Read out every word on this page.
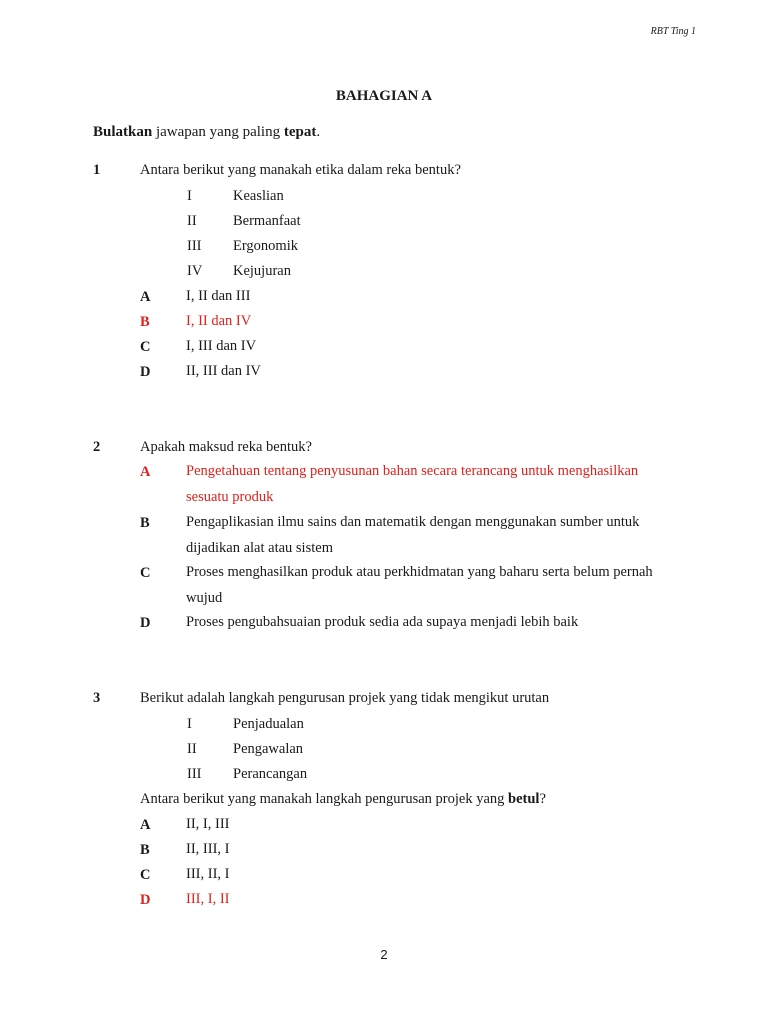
RBT Ting 1
BAHAGIAN A
Bulatkan jawapan yang paling tepat.
1	Antara berikut yang manakah etika dalam reka bentuk?
I	Keaslian
II	Bermanfaat
III Ergonomik
IV Kejujuran
A I, II dan III
B	I, II dan IV
C I, III dan IV
D II, III dan IV
2	Apakah maksud reka bentuk?
A Pengetahuan tentang penyusunan bahan secara terancang untuk menghasilkan sesuatu produk
B	Pengaplikasian ilmu sains dan matematik dengan menggunakan sumber untuk dijadikan alat atau sistem
C Proses menghasilkan produk atau perkhidmatan yang baharu serta belum pernah wujud
D Proses pengubahsuaian produk sedia ada supaya menjadi lebih baik
3	Berikut adalah langkah pengurusan projek yang tidak mengikut urutan
I	Penjadualan
II	Pengawalan
III Perancangan
Antara berikut yang manakah langkah pengurusan projek yang betul?
A II, I, III
B	II, III, I
C III, II, I
D III, I, II
2
